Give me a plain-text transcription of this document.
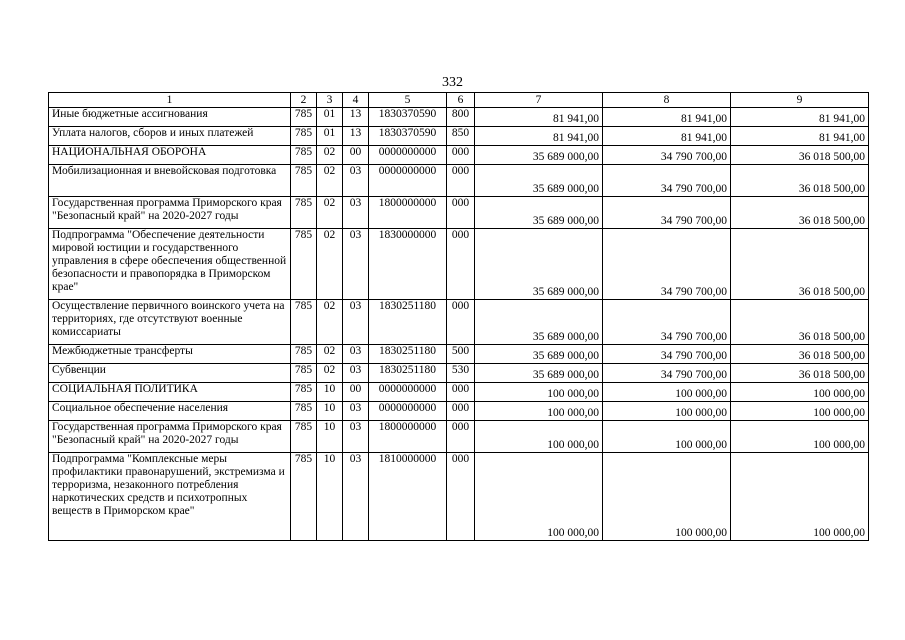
332
1	2	3	4	5	6	7	8	9
Иные бюджетные ассигнования	785	01	13	1830370590	800	81 941,00	81 941,00	81 941,00
Уплата налогов, сборов и иных платежей	785	01	13	1830370590	850	81 941,00	81 941,00	81 941,00
НАЦИОНАЛЬНАЯ ОБОРОНА	785	02	00	0000000000	000	35 689 000,00	34 790 700,00	36 018 500,00
Мобилизационная и вневойсковая подготовка	785	02	03	0000000000	000	35 689 000,00	34 790 700,00	36 018 500,00
Государственная программа Приморского края "Безопасный край" на 2020-2027 годы	785	02	03	1800000000	000	35 689 000,00	34 790 700,00	36 018 500,00
Подпрограмма "Обеспечение деятельности мировой юстиции и государственного управления в сфере обеспечения общественной безопасности и правопорядка в Приморском крае"	785	02	03	1830000000	000	35 689 000,00	34 790 700,00	36 018 500,00
Осуществление первичного воинского учета на территориях, где отсутствуют военные комиссариаты	785	02	03	1830251180	000	35 689 000,00	34 790 700,00	36 018 500,00
Межбюджетные трансферты	785	02	03	1830251180	500	35 689 000,00	34 790 700,00	36 018 500,00
Субвенции	785	02	03	1830251180	530	35 689 000,00	34 790 700,00	36 018 500,00
СОЦИАЛЬНАЯ ПОЛИТИКА	785	10	00	0000000000	000	100 000,00	100 000,00	100 000,00
Социальное обеспечение населения	785	10	03	0000000000	000	100 000,00	100 000,00	100 000,00
Государственная программа Приморского края "Безопасный край" на 2020-2027 годы	785	10	03	1800000000	000	100 000,00	100 000,00	100 000,00
Подпрограмма "Комплексные меры профилактики правонарушений, экстремизма и терроризма, незаконного потребления наркотических средств и психотропных веществ в Приморском крае"	785	10	03	1810000000	000	100 000,00	100 000,00	100 000,00
